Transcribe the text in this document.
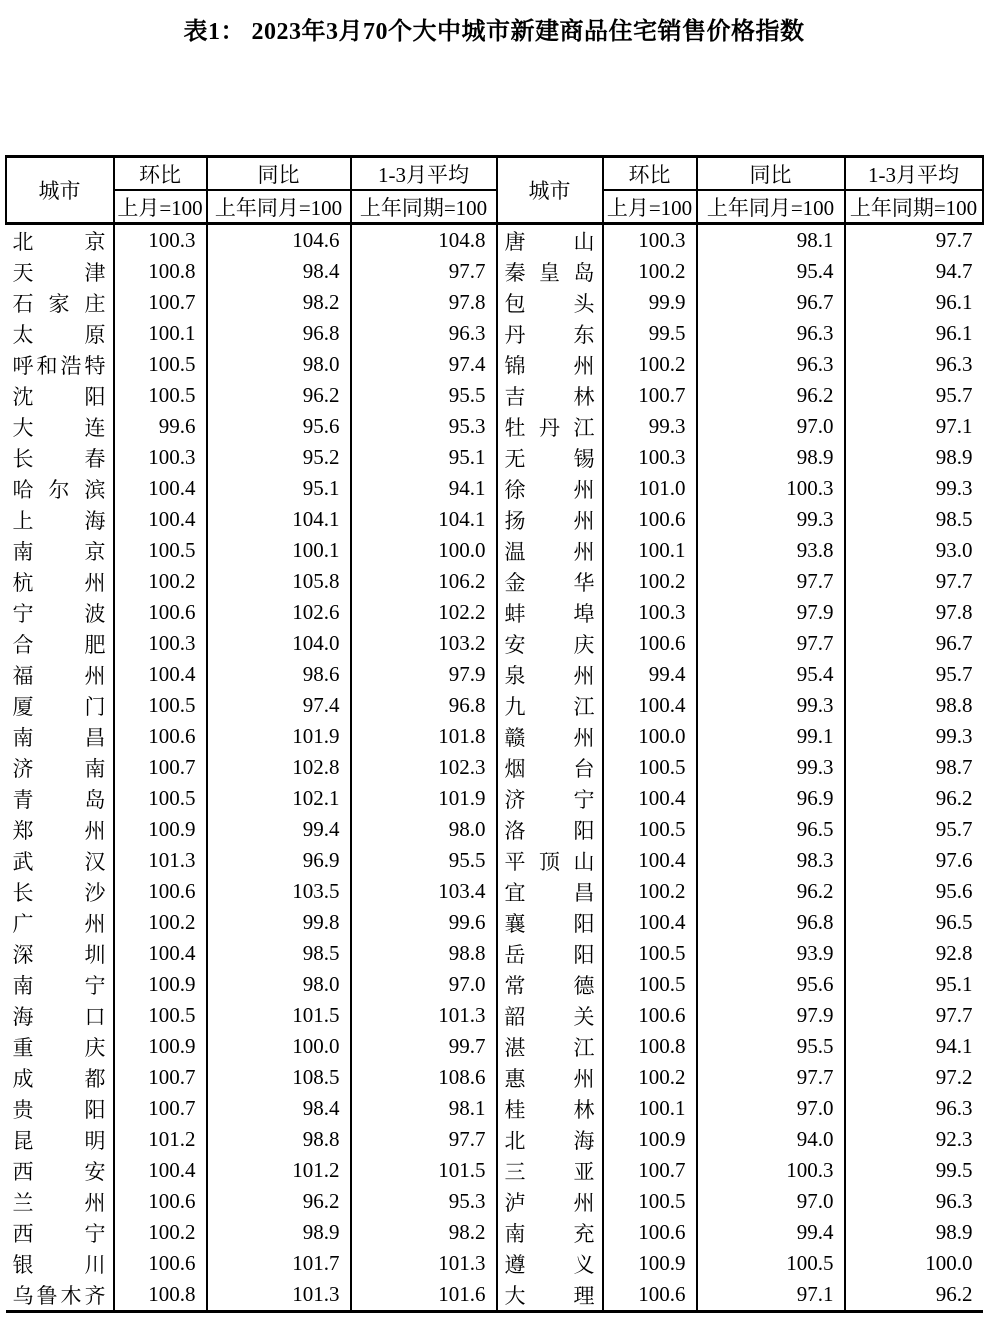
表1： 2023年3月70个大中城市新建商品住宅销售价格指数
城市	环比	同比	1-3月平均	城市	环比	同比	1-3月平均
	上月=100	上年同月=100	上年同期=100		上月=100	上年同月=100	上年同期=100
北京	100.3	104.6	104.8	唐山	100.3	98.1	97.7
天津	100.8	98.4	97.7	秦皇岛	100.2	95.4	94.7
石家庄	100.7	98.2	97.8	包头	99.9	96.7	96.1
太原	100.1	96.8	96.3	丹东	99.5	96.3	96.1
呼和浩特	100.5	98.0	97.4	锦州	100.2	96.3	96.3
沈阳	100.5	96.2	95.5	吉林	100.7	96.2	95.7
大连	99.6	95.6	95.3	牡丹江	99.3	97.0	97.1
长春	100.3	95.2	95.1	无锡	100.3	98.9	98.9
哈尔滨	100.4	95.1	94.1	徐州	101.0	100.3	99.3
上海	100.4	104.1	104.1	扬州	100.6	99.3	98.5
南京	100.5	100.1	100.0	温州	100.1	93.8	93.0
杭州	100.2	105.8	106.2	金华	100.2	97.7	97.7
宁波	100.6	102.6	102.2	蚌埠	100.3	97.9	97.8
合肥	100.3	104.0	103.2	安庆	100.6	97.7	96.7
福州	100.4	98.6	97.9	泉州	99.4	95.4	95.7
厦门	100.5	97.4	96.8	九江	100.4	99.3	98.8
南昌	100.6	101.9	101.8	赣州	100.0	99.1	99.3
济南	100.7	102.8	102.3	烟台	100.5	99.3	98.7
青岛	100.5	102.1	101.9	济宁	100.4	96.9	96.2
郑州	100.9	99.4	98.0	洛阳	100.5	96.5	95.7
武汉	101.3	96.9	95.5	平顶山	100.4	98.3	97.6
长沙	100.6	103.5	103.4	宜昌	100.2	96.2	95.6
广州	100.2	99.8	99.6	襄阳	100.4	96.8	96.5
深圳	100.4	98.5	98.8	岳阳	100.5	93.9	92.8
南宁	100.9	98.0	97.0	常德	100.5	95.6	95.1
海口	100.5	101.5	101.3	韶关	100.6	97.9	97.7
重庆	100.9	100.0	99.7	湛江	100.8	95.5	94.1
成都	100.7	108.5	108.6	惠州	100.2	97.7	97.2
贵阳	100.7	98.4	98.1	桂林	100.1	97.0	96.3
昆明	101.2	98.8	97.7	北海	100.9	94.0	92.3
西安	100.4	101.2	101.5	三亚	100.7	100.3	99.5
兰州	100.6	96.2	95.3	泸州	100.5	97.0	96.3
西宁	100.2	98.9	98.2	南充	100.6	99.4	98.9
银川	100.6	101.7	101.3	遵义	100.9	100.5	100.0
乌鲁木齐	100.8	101.3	101.6	大理	100.6	97.1	96.2
